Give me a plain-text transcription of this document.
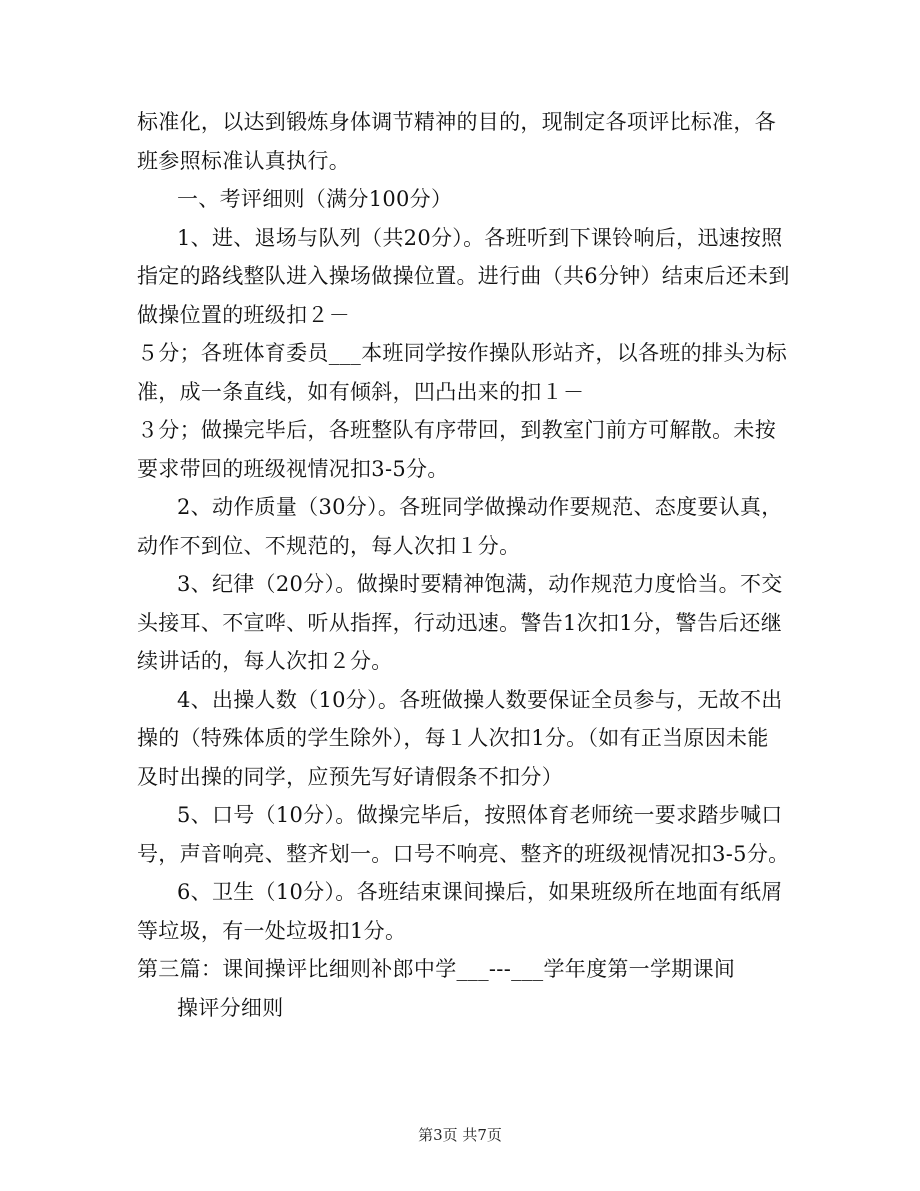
标准化，以达到锻炼身体调节精神的目的，现制定各项评比标准，各
班参照标准认真执行。
一、考评细则（满分100分）
1、进、退场与队列（共20分）。各班听到下课铃响后，迅速按照
指定的路线整队进入操场做操位置。进行曲（共6分钟）结束后还未到
做操位置的班级扣２－
５分；各班体育委员___本班同学按作操队形站齐，以各班的排头为标
准，成一条直线，如有倾斜，凹凸出来的扣１－
３分；做操完毕后，各班整队有序带回，到教室门前方可解散。未按
要求带回的班级视情况扣3-5分。
2、动作质量（30分）。各班同学做操动作要规范、态度要认真，
动作不到位、不规范的，每人次扣１分。
3、纪律（20分）。做操时要精神饱满，动作规范力度恰当。不交
头接耳、不宣哗、听从指挥，行动迅速。警告1次扣1分，警告后还继
续讲话的，每人次扣２分。
4、出操人数（10分）。各班做操人数要保证全员参与，无故不出
操的（特殊体质的学生除外），每１人次扣1分。（如有正当原因未能
及时出操的同学，应预先写好请假条不扣分）
5、口号（10分）。做操完毕后，按照体育老师统一要求踏步喊口
号，声音响亮、整齐划一。口号不响亮、整齐的班级视情况扣3-5分。
6、卫生（10分）。各班结束课间操后，如果班级所在地面有纸屑
等垃圾，有一处垃圾扣1分。
第三篇：课间操评比细则补郎中学___---___学年度第一学期课间
操评分细则
第3页 共7页
